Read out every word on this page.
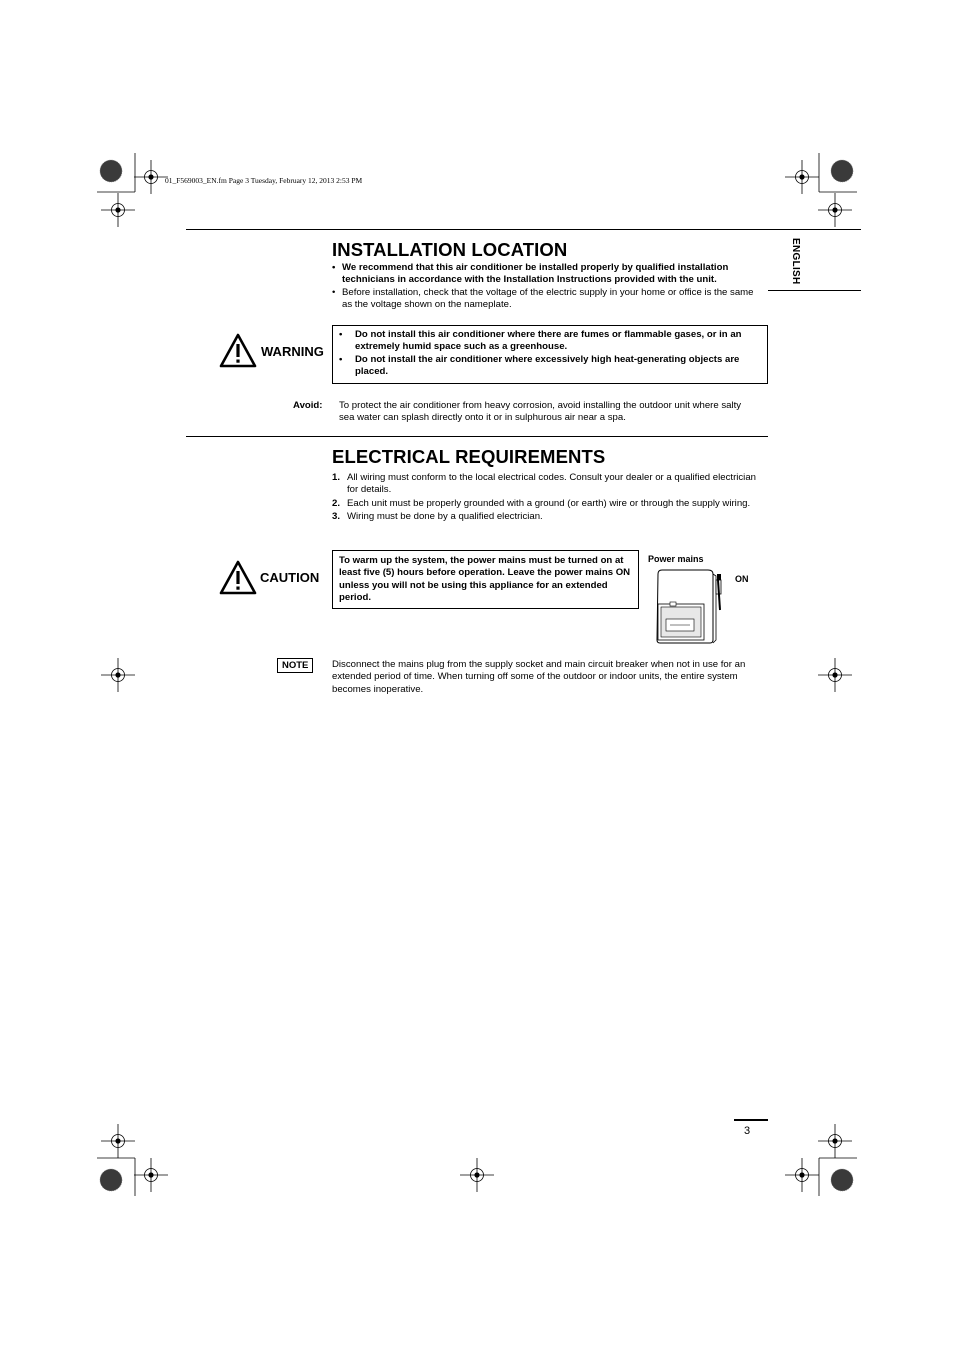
01_F569003_EN.fm Page 3 Tuesday, February 12, 2013 2:53 PM
ENGLISH
INSTALLATION LOCATION
• We recommend that this air conditioner be installed properly by qualified installation technicians in accordance with the Installation Instructions provided with the unit.
• Before installation, check that the voltage of the electric supply in your home or office is the same as the voltage shown on the nameplate.
WARNING
• Do not install this air conditioner where there are fumes or flammable gases, or in an extremely humid space such as a greenhouse.
• Do not install the air conditioner where excessively high heat-generating objects are placed.
Avoid: To protect the air conditioner from heavy corrosion, avoid installing the outdoor unit where salty sea water can splash directly onto it or in sulphurous air near a spa.
ELECTRICAL REQUIREMENTS
1. All wiring must conform to the local electrical codes. Consult your dealer or a qualified electrician for details.
2. Each unit must be properly grounded with a ground (or earth) wire or through the supply wiring.
3. Wiring must be done by a qualified electrician.
CAUTION
To warm up the system, the power mains must be turned on at least five (5) hours before operation. Leave the power mains ON unless you will not be using this appliance for an extended period.
Power mains
ON
NOTE	Disconnect the mains plug from the supply socket and main circuit breaker when not in use for an extended period of time. When turning off some of the outdoor or indoor units, the entire system becomes inoperative.
3
